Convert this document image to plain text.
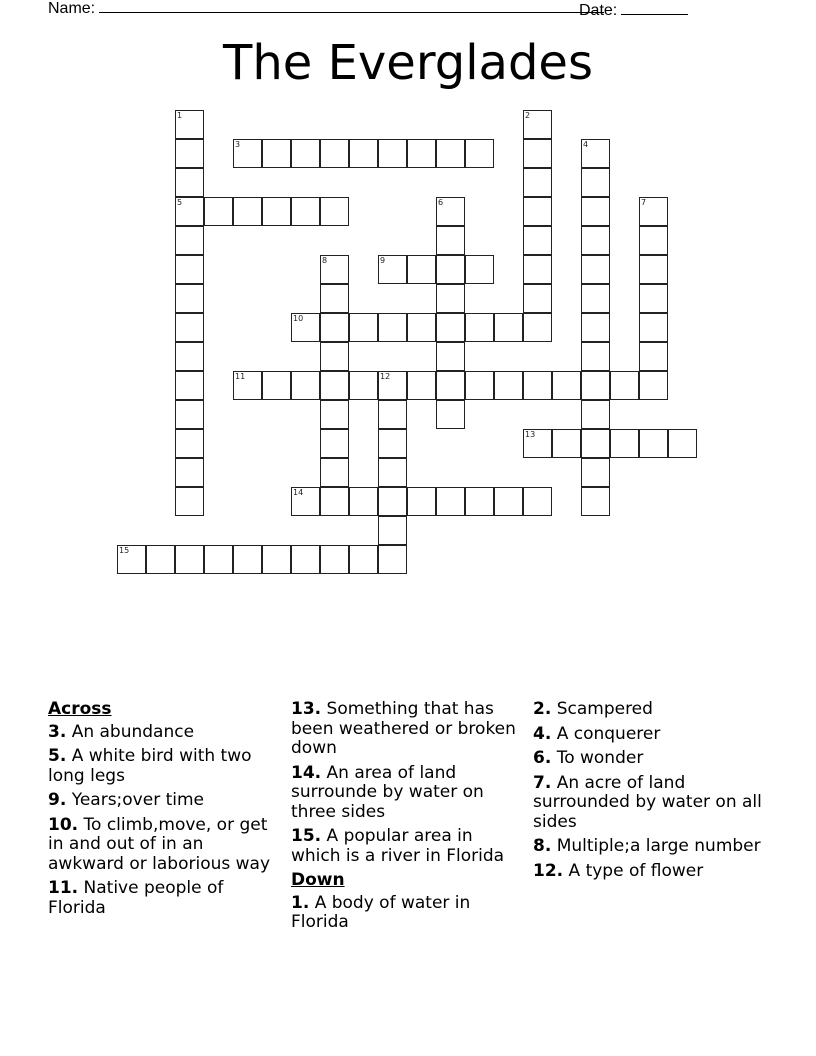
Name:	Date:
The Everglades
3
5
9
10
11	12
13
14
15
1	2
4
6	7
8
Across
3. An abundance
5. A white bird with two long legs
9. Years;over time
10. To climb,move, or get in and out of in an awkward or laborious way
11. Native people of Florida
13. Something that has been weathered or broken down
14. An area of land surrounde by water on three sides
15. A popular area in which is a river in Florida
Down
1. A body of water in Florida
2. Scampered
4. A conquerer
6. To wonder
7. An acre of land surrounded by water on all sides
8. Multiple;a large number
12. A type of flower
